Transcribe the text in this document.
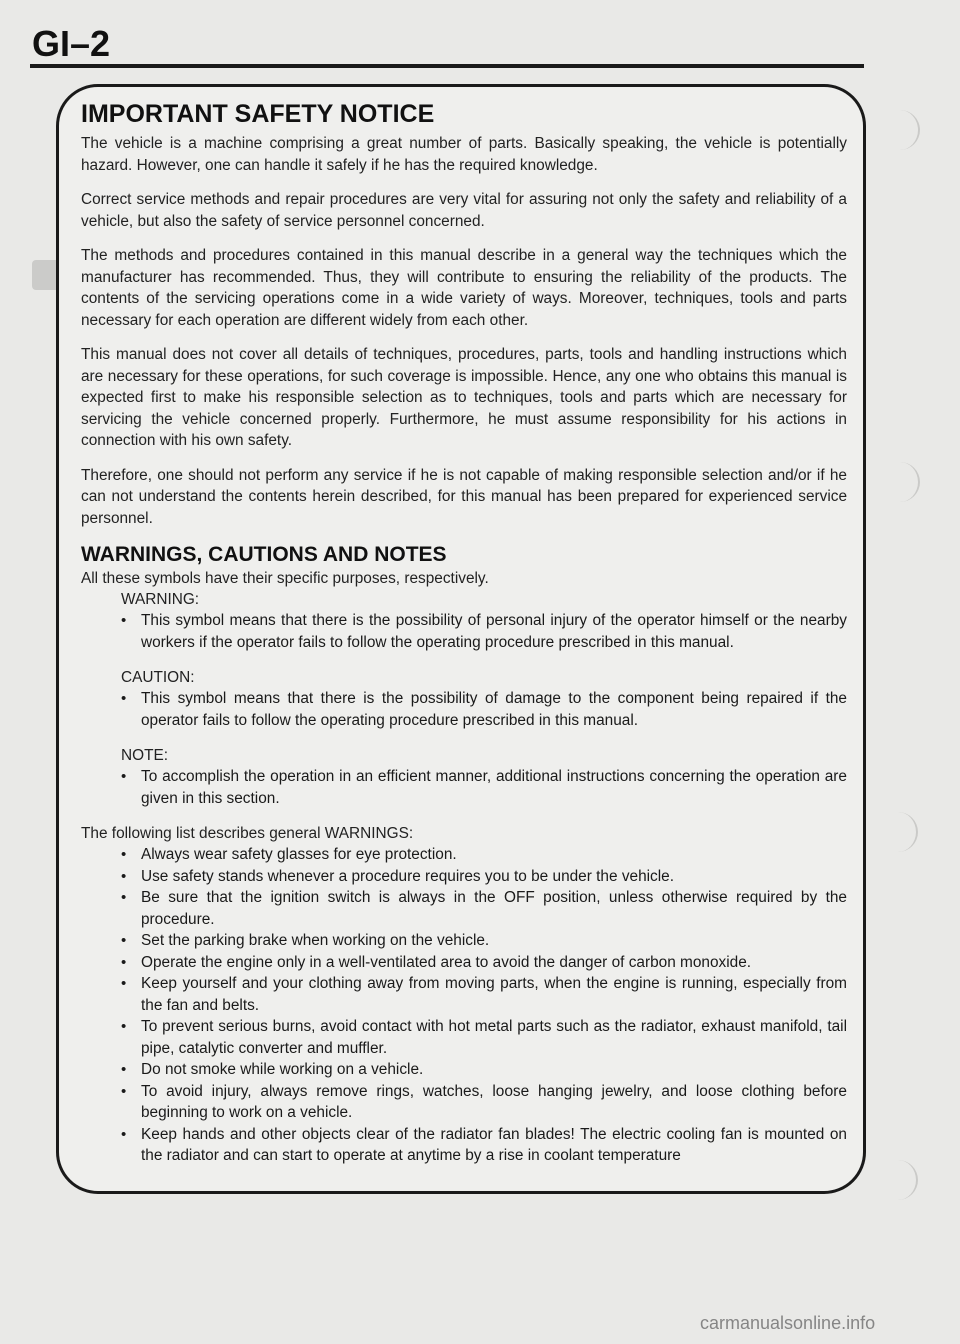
GI–2
IMPORTANT SAFETY NOTICE

The vehicle is a machine comprising a great number of parts. Basically speaking, the vehicle is potentially hazard. However, one can handle it safely if he has the required knowledge.

Correct service methods and repair procedures are very vital for assuring not only the safety and reliability of a vehicle, but also the safety of service personnel concerned.

The methods and procedures contained in this manual describe in a general way the techniques which the manufacturer has recommended. Thus, they will contribute to ensuring the reliability of the products. The contents of the servicing operations come in a wide variety of ways. Moreover, techniques, tools and parts necessary for each operation are different widely from each other.

This manual does not cover all details of techniques, procedures, parts, tools and handling instructions which are necessary for these operations, for such coverage is impossible. Hence, any one who obtains this manual is expected first to make his responsible selection as to techniques, tools and parts which are necessary for servicing the vehicle concerned properly. Furthermore, he must assume responsibility for his actions in connection with his own safety.

Therefore, one should not perform any service if he is not capable of making responsible selection and/or if he can not understand the contents herein described, for this manual has been prepared for experienced service personnel.

WARNINGS, CAUTIONS AND NOTES

All these symbols have their specific purposes, respectively.

WARNING:

• This symbol means that there is the possibility of personal injury of the operator himself or the nearby workers if the operator fails to follow the operating procedure prescribed in this manual.

CAUTION:

• This symbol means that there is the possibility of damage to the component being repaired if the operator fails to follow the operating procedure prescribed in this manual.

NOTE:

• To accomplish the operation in an efficient manner, additional instructions concerning the operation are given in this section.

The following list describes general WARNINGS:

• Always wear safety glasses for eye protection.
• Use safety stands whenever a procedure requires you to be under the vehicle.
• Be sure that the ignition switch is always in the OFF position, unless otherwise required by the procedure.
• Set the parking brake when working on the vehicle.
• Operate the engine only in a well-ventilated area to avoid the danger of carbon monoxide.
• Keep yourself and your clothing away from moving parts, when the engine is running, especially from the fan and belts.
• To prevent serious burns, avoid contact with hot metal parts such as the radiator, exhaust manifold, tail pipe, catalytic converter and muffler.
• Do not smoke while working on a vehicle.
• To avoid injury, always remove rings, watches, loose hanging jewelry, and loose clothing before beginning to work on a vehicle.
• Keep hands and other objects clear of the radiator fan blades! The electric cooling fan is mounted on the radiator and can start to operate at anytime by a rise in coolant temperature
carmanualsonline.info
